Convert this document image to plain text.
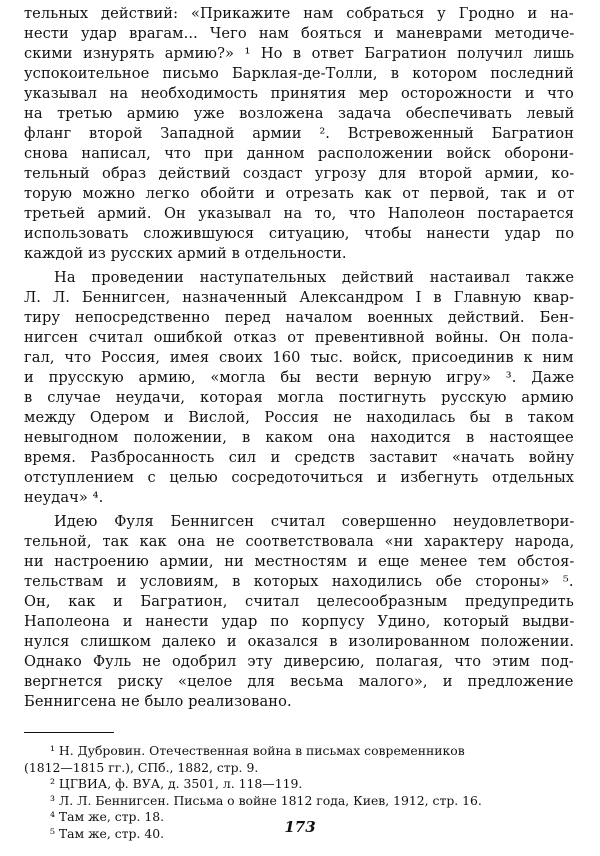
тельных действий: «Прикажите нам собраться у Гродно и на-
нести удар врагам... Чего нам бояться и маневрами методиче-
скими изнурять армию?» ¹ Но в ответ Багратион получил лишь
успокоительное письмо Барклая-де-Толли, в котором последний
указывал на необходимость принятия мер осторожности и что
на третью армию уже возложена задача обеспечивать левый
фланг второй Западной армии ². Встревоженный Багратион
снова написал, что при данном расположении войск оборони-
тельный образ действий создаст угрозу для второй армии, ко-
торую можно легко обойти и отрезать как от первой, так и от
третьей армий. Он указывал на то, что Наполеон постарается
использовать сложившуюся ситуацию, чтобы нанести удар по
каждой из русских армий в отдельности.

На проведении наступательных действий настаивал также
Л. Л. Беннигсен, назначенный Александром I в Главную квар-
тиру непосредственно перед началом военных действий. Бен-
нигсен считал ошибкой отказ от превентивной войны. Он пола-
гал, что Россия, имея своих 160 тыс. войск, присоединив к ним
и прусскую армию, «могла бы вести верную игру» ³. Даже
в случае неудачи, которая могла постигнуть русскую армию
между Одером и Вислой, Россия не находилась бы в таком
невыгодном положении, в каком она находится в настоящее
время. Разбросанность сил и средств заставит «начать войну
отступлением с целью сосредоточиться и избегнуть отдельных
неудач» ⁴.

Идею Фуля Беннигсен считал совершенно неудовлетвори-
тельной, так как она не соответствовала «ни характеру народа,
ни настроению армии, ни местностям и еще менее тем обстоя-
тельствам и условиям, в которых находились обе стороны» ⁵.
Он, как и Багратион, считал целесообразным предупредить
Наполеона и нанести удар по корпусу Удино, который выдви-
нулся слишком далеко и оказался в изолированном положении.
Однако Фуль не одобрил эту диверсию, полагая, что этим под-
вергнется риску «целое для весьма малого», и предложение
Беннигсена не было реализовано.

¹ Н. Дубровин. Отечественная война в письмах современников
(1812—1815 гг.), СПб., 1882, стр. 9.
² ЦГВИА, ф. ВУА, д. 3501, л. 118—119.
³ Л. Л. Беннигсен. Письма о войне 1812 года, Киев, 1912, стр. 16.
⁴ Там же, стр. 18.
⁵ Там же, стр. 40.	173
